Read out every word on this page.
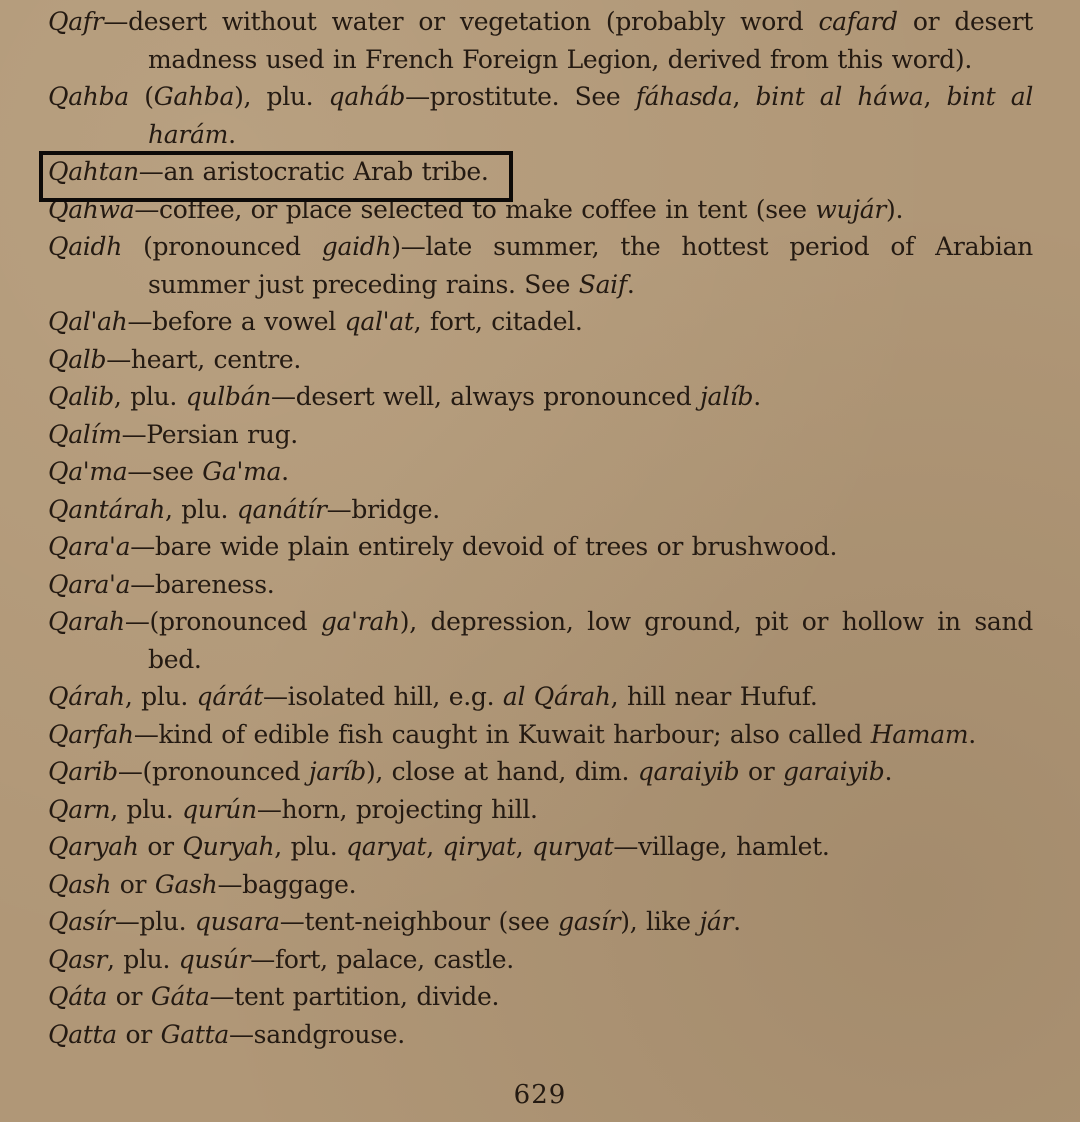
Qafr—desert without water or vegetation (probably word cafard or desert madness used in French Foreign Legion, derived from this word).
Qahba (Gahba), plu. qaháb—prostitute. See fáhasda, bint al háwa, bint al harám.
Qahtan—an aristocratic Arab tribe.
Qahwa—coffee, or place selected to make coffee in tent (see wujár).
Qaidh (pronounced gaidh)—late summer, the hottest period of Arabian summer just preceding rains. See Saif.
Qal'ah—before a vowel qal'at, fort, citadel.
Qalb—heart, centre.
Qalib, plu. qulbán—desert well, always pronounced jalíb.
Qalím—Persian rug.
Qa'ma—see Ga'ma.
Qantárah, plu. qanátír—bridge.
Qara'a—bare wide plain entirely devoid of trees or brushwood.
Qara'a—bareness.
Qarah—(pronounced ga'rah), depression, low ground, pit or hollow in sand bed.
Qárah, plu. qárát—isolated hill, e.g. al Qárah, hill near Hufuf.
Qarfah—kind of edible fish caught in Kuwait harbour; also called Hamam.
Qarib—(pronounced jaríb), close at hand, dim. qaraiyib or garaiyib.
Qarn, plu. qurún—horn, projecting hill.
Qaryah or Quryah, plu. qaryat, qiryat, quryat—village, hamlet.
Qash or Gash—baggage.
Qasír—plu. qusara—tent-neighbour (see gasír), like jár.
Qasr, plu. qusúr—fort, palace, castle.
Qáta or Gáta—tent partition, divide.
Qatta or Gatta—sandgrouse.
629
